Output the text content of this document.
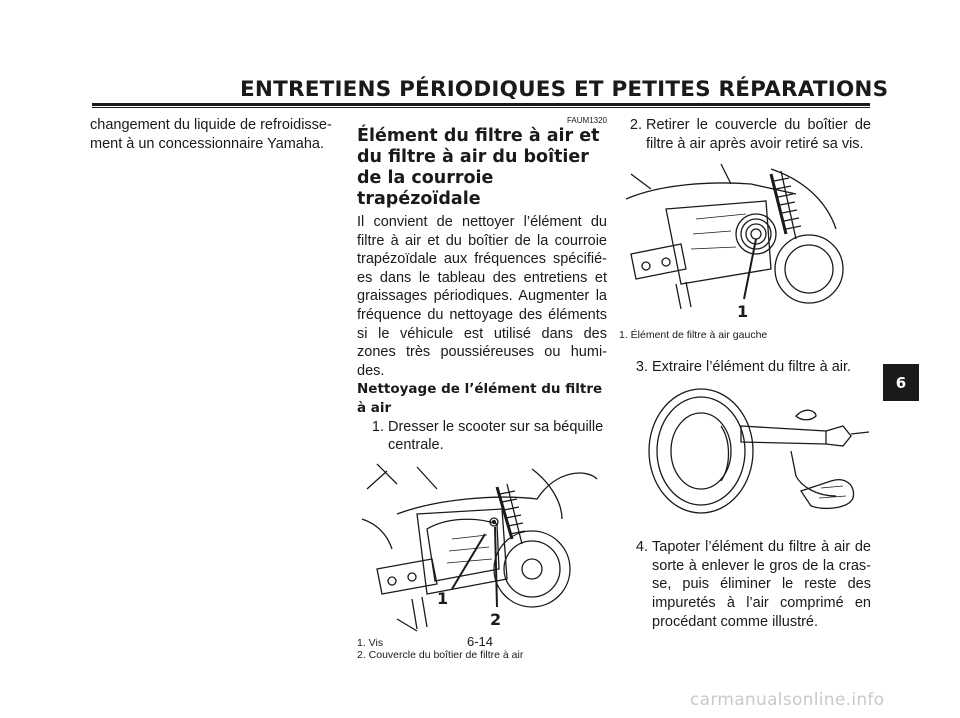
ENTRETIENS PÉRIODIQUES ET PETITES RÉPARATIONS

changement du liquide de refroidisse- ment à un concessionnaire Yamaha.

FAUM1320
Élément du filtre à air et du filtre à air du boîtier de la courroie trapézoïdale

Il convient de nettoyer l’élément du filtre à air et du boîtier de la courroie trapézoïdale aux fréquences spécifié- es dans le tableau des entretiens et graissages périodiques. Augmenter la fréquence du nettoyage des éléments si le véhicule est utilisé dans des zones très poussiéreuses ou humi- des.

Nettoyage de l’élément du filtre à air
1. Dresser le scooter sur sa béquille centrale.
1
2

1. Vis

2. Couvercle du boîtier de filtre à air

2. Retirer le couvercle du boîtier de filtre à air après avoir retiré sa vis.
1

1. Élément de filtre à air gauche

3. Extraire l’élément du filtre à air.
4. Tapoter l’élément du filtre à air de sorte à enlever le gros de la cras- se, puis éliminer le reste des impuretés à l’air comprimé en procédant comme illustré.
6-14
6
carmanualsonline.info
